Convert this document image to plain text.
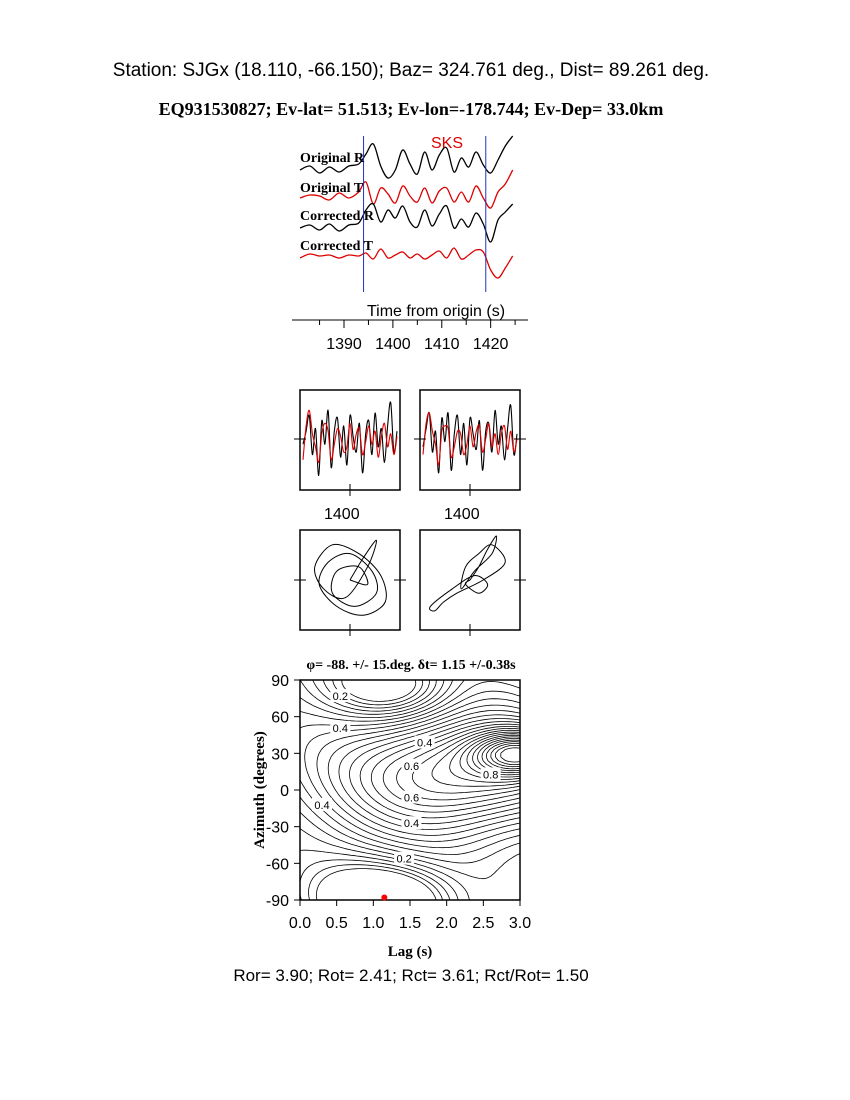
Station: SJGx (18.110, -66.150); Baz= 324.761 deg., Dist= 89.261 deg.
EQ931530827; Ev-lat= 51.513; Ev-lon=-178.744; Ev-Dep= 33.0km
SKS
Original R
Original T
Corrected R
Corrected T
Time from origin (s)
1390 1400 1410 1420
1400	1400
φ= -88. +/- 15.deg. δt= 1.15 +/-0.38s
0.0 0.5 1.0 1.5 2.0 2.5 3.0
90
60
30
0
-30
-60
-90
0.2
0.4
0.4
0.6
0.8
0.4
0.6
0.4
0.2
Lag (s)
Azimuth (degrees)
Ror= 3.90; Rot= 2.41; Rct= 3.61; Rct/Rot= 1.50
